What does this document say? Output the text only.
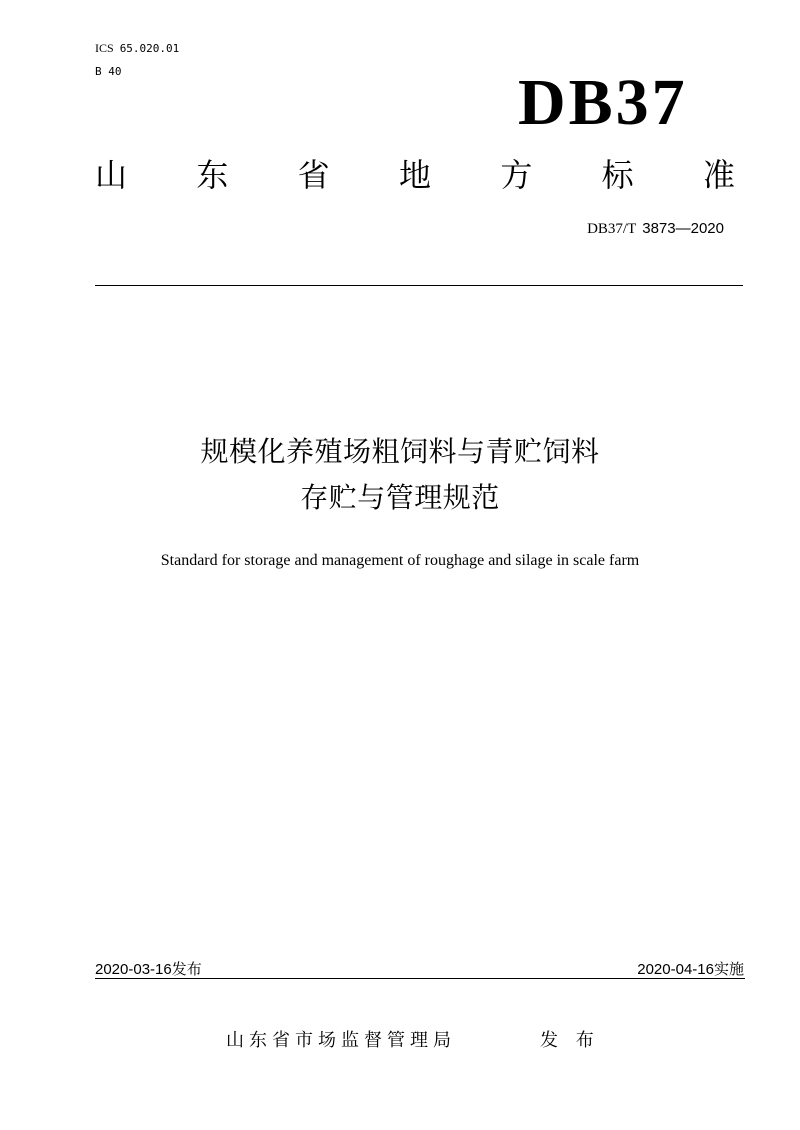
ICS 65.020.01
B 40	DB37
山 东 省 地 方 标 准
DB37/T 3873—2020
规模化养殖场粗饲料与青贮饲料
存贮与管理规范
Standard for storage and management of roughage and silage in scale farm
2020-03-16发布	2020-04-16实施
山东省市场监督管理局	发 布
